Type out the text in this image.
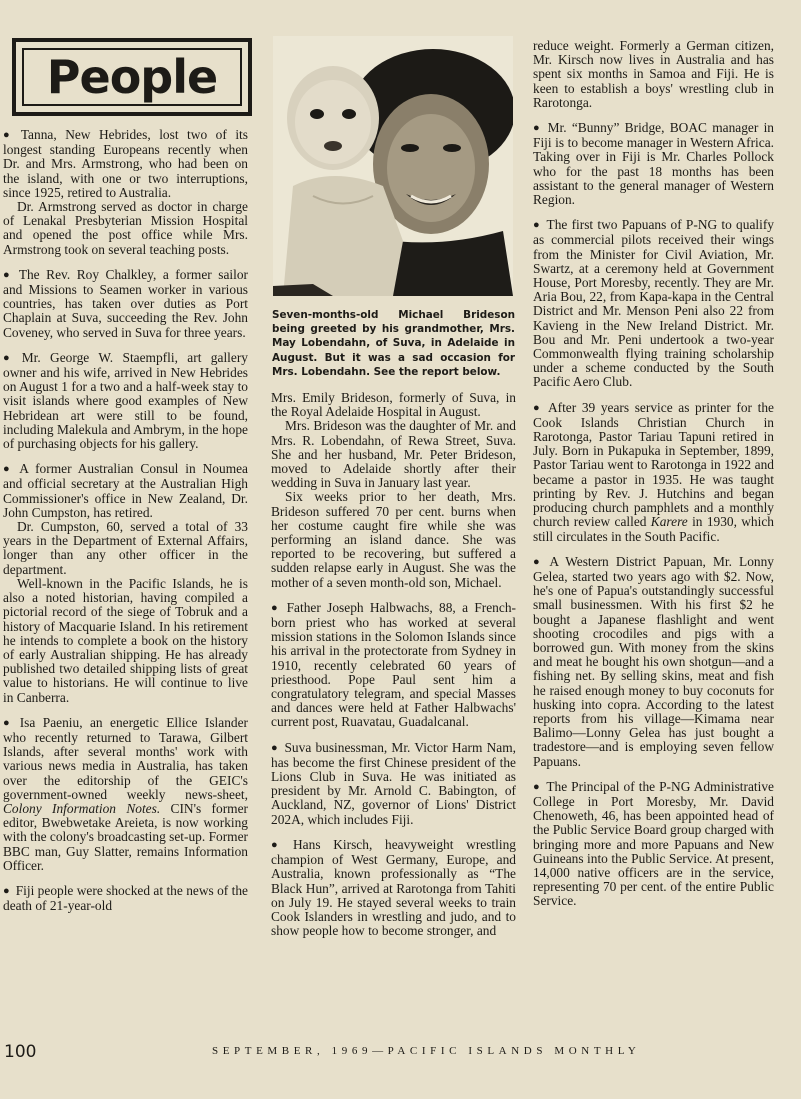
People
Seven-months-old Michael Brideson being greeted by his grandmother, Mrs. May Lobendahn, of Suva, in Adelaide in August. But it was a sad occasion for Mrs. Lobendahn. See the report below.

● Tanna, New Hebrides, lost two of its longest standing Europeans recently when Dr. and Mrs. Armstrong, who had been on the island, with one or two interruptions, since 1925, retired to Australia.

Dr. Armstrong served as doctor in charge of Lenakal Presbyterian Mission Hospital and opened the post office while Mrs. Armstrong took on several teaching posts.

● The Rev. Roy Chalkley, a former sailor and Missions to Seamen worker in various countries, has taken over duties as Port Chaplain at Suva, succeeding the Rev. John Coveney, who served in Suva for three years.

● Mr. George W. Staempfli, art gallery owner and his wife, arrived in New Hebrides on August 1 for a two and a half-week stay to visit islands where good examples of New Hebridean art were still to be found, including Malekula and Ambrym, in the hope of purchasing objects for his gallery.

● A former Australian Consul in Noumea and official secretary at the Australian High Commissioner's office in New Zealand, Dr. John Cumpston, has retired.

Dr. Cumpston, 60, served a total of 33 years in the Department of External Affairs, longer than any other officer in the department.

Well-known in the Pacific Islands, he is also a noted historian, having compiled a pictorial record of the siege of Tobruk and a history of Macquarie Island. In his retirement he intends to complete a book on the history of early Australian shipping. He has already published two detailed shipping lists of great value to historians. He will continue to live in Canberra.

● Isa Paeniu, an energetic Ellice Islander who recently returned to Tarawa, Gilbert Islands, after several months' work with various news media in Australia, has taken over the editorship of the GEIC's government-owned weekly news-sheet, Colony Information Notes. CIN's former editor, Bwebwetake Areieta, is now working with the colony's broadcasting set-up. Former BBC man, Guy Slatter, remains Information Officer.

● Fiji people were shocked at the news of the death of 21-year-old

Mrs. Emily Brideson, formerly of Suva, in the Royal Adelaide Hospital in August.

Mrs. Brideson was the daughter of Mr. and Mrs. R. Lobendahn, of Rewa Street, Suva. She and her husband, Mr. Peter Brideson, moved to Adelaide shortly after their wedding in Suva in January last year.

Six weeks prior to her death, Mrs. Brideson suffered 70 per cent. burns when her costume caught fire while she was performing an island dance. She was reported to be recovering, but suffered a sudden relapse early in August. She was the mother of a seven month-old son, Michael.

● Father Joseph Halbwachs, 88, a French-born priest who has worked at several mission stations in the Solomon Islands since his arrival in the protectorate from Sydney in 1910, recently celebrated 60 years of priesthood. Pope Paul sent him a congratulatory telegram, and special Masses and dances were held at Father Halbwachs' current post, Ruavatau, Guadalcanal.

● Suva businessman, Mr. Victor Harm Nam, has become the first Chinese president of the Lions Club in Suva. He was initiated as president by Mr. Arnold C. Babington, of Auckland, NZ, governor of Lions' District 202A, which includes Fiji.

● Hans Kirsch, heavyweight wrestling champion of West Germany, Europe, and Australia, known professionally as “The Black Hun”, arrived at Rarotonga from Tahiti on July 19. He stayed several weeks to train Cook Islanders in wrestling and judo, and to show people how to become stronger, and

reduce weight. Formerly a German citizen, Mr. Kirsch now lives in Australia and has spent six months in Samoa and Fiji. He is keen to establish a boys' wrestling club in Rarotonga.

● Mr. “Bunny” Bridge, BOAC manager in Fiji is to become manager in Western Africa. Taking over in Fiji is Mr. Charles Pollock who for the past 18 months has been assistant to the general manager of Western Region.

● The first two Papuans of P-NG to qualify as commercial pilots received their wings from the Minister for Civil Aviation, Mr. Swartz, at a ceremony held at Government House, Port Moresby, recently. They are Mr. Aria Bou, 22, from Kapa-kapa in the Central District and Mr. Menson Peni also 22 from Kavieng in the New Ireland District. Mr. Bou and Mr. Peni undertook a two-year Commonwealth flying training scholarship under a scheme conducted by the South Pacific Aero Club.

● After 39 years service as printer for the Cook Islands Christian Church in Rarotonga, Pastor Tariau Tapuni retired in July. Born in Pukapuka in September, 1899, Pastor Tariau went to Rarotonga in 1922 and became a pastor in 1935. He was taught printing by Rev. J. Hutchins and began producing church pamphlets and a monthly church review called Karere in 1930, which still circulates in the South Pacific.

● A Western District Papuan, Mr. Lonny Gelea, started two years ago with $2. Now, he's one of Papua's outstandingly successful small businessmen. With his first $2 he bought a Japanese flashlight and went shooting crocodiles and pigs with a borrowed gun. With money from the skins and meat he bought his own shotgun—and a fishing net. By selling skins, meat and fish he raised enough money to buy coconuts for husking into copra. According to the latest reports from his village—Kimama near Balimo—Lonny Gelea has just bought a tradestore—and is employing seven fellow Papuans.

● The Principal of the P-NG Administrative College in Port Moresby, Mr. David Chenoweth, 46, has been appointed head of the Public Service Board group charged with bringing more and more Papuans and New Guineans into the Public Service. At present, 14,000 native officers are in the service, representing 70 per cent. of the entire Public Service.

100	SEPTEMBER, 1969—PACIFIC ISLANDS MONTHLY
